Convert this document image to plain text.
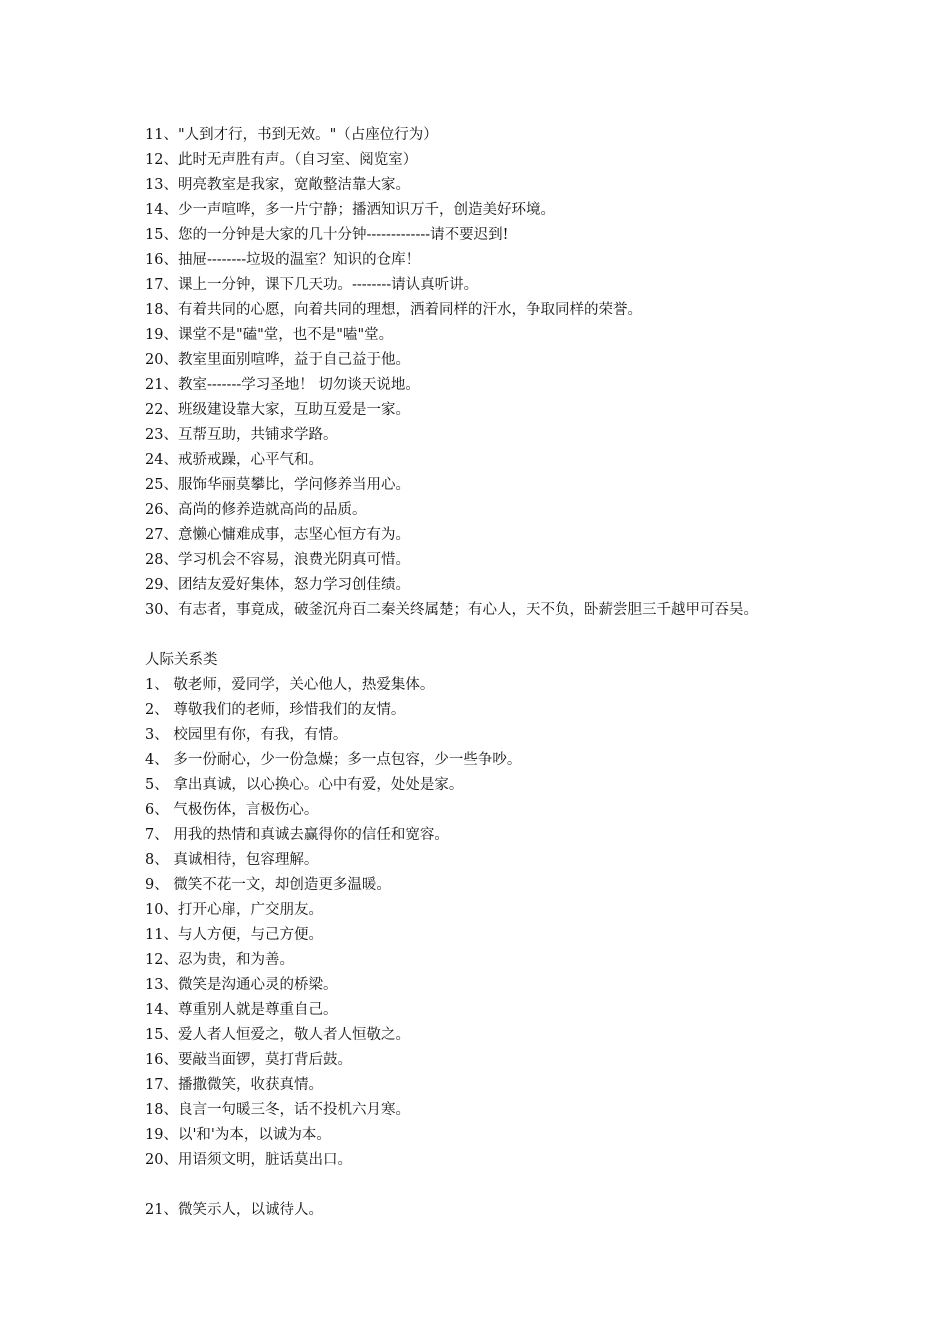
11、"人到才行，书到无效。"（占座位行为）
12、此时无声胜有声。（自习室、阅览室）
13、明亮教室是我家，宽敞整洁靠大家。
14、少一声喧哗，多一片宁静；播洒知识万千，创造美好环境。
15、您的一分钟是大家的几十分钟-------------请不要迟到!
16、抽屉--------垃圾的温室？知识的仓库！
17、课上一分钟，课下几天功。--------请认真听讲。
18、有着共同的心愿，向着共同的理想，洒着同样的汗水，争取同样的荣誉。
19、课堂不是"磕"堂，也不是"嗑"堂。
20、教室里面别喧哗，益于自己益于他。
21、教室-------学习圣地！ 切勿谈天说地。
22、班级建设靠大家，互助互爱是一家。
23、互帮互助，共铺求学路。
24、戒骄戒躁，心平气和。
25、服饰华丽莫攀比，学问修养当用心。
26、高尚的修养造就高尚的品质。
27、意懒心慵难成事，志坚心恒方有为。
28、学习机会不容易，浪费光阴真可惜。
29、团结友爱好集体，怒力学习创佳绩。
30、有志者，事竟成，破釜沉舟百二秦关终属楚；有心人，天不负，卧薪尝胆三千越甲可吞吴。
人际关系类
1、 敬老师，爱同学，关心他人，热爱集体。
2、 尊敬我们的老师，珍惜我们的友情。
3、 校园里有你，有我，有情。
4、 多一份耐心，少一份急燥；多一点包容，少一些争吵。
5、 拿出真诚，以心换心。心中有爱，处处是家。
6、 气极伤体，言极伤心。
7、 用我的热情和真诚去赢得你的信任和宽容。
8、 真诚相待，包容理解。
9、 微笑不花一文，却创造更多温暖。
10、打开心扉，广交朋友。
11、与人方便，与己方便。
12、忍为贵，和为善。
13、微笑是沟通心灵的桥梁。
14、尊重别人就是尊重自己。
15、爱人者人恒爱之，敬人者人恒敬之。
16、要敲当面锣，莫打背后鼓。
17、播撒微笑，收获真情。
18、良言一句暖三冬，话不投机六月寒。
19、以'和'为本，以诚为本。
20、用语须文明，脏话莫出口。
21、微笑示人，以诚待人。
